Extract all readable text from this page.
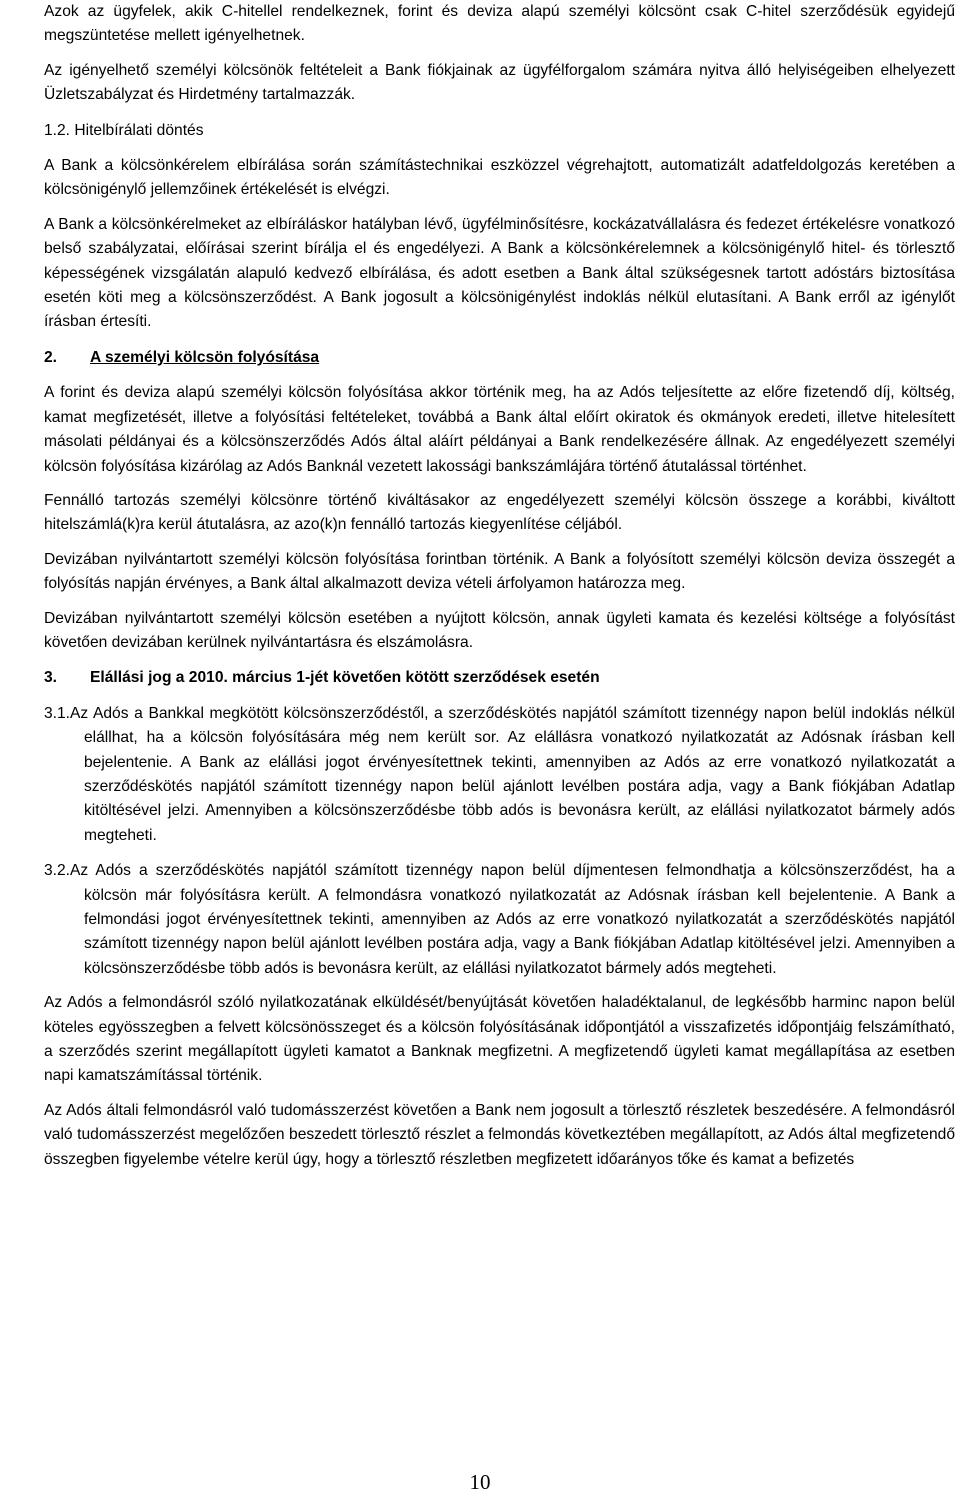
Azok az ügyfelek, akik C-hitellel rendelkeznek, forint és deviza alapú személyi kölcsönt csak C-hitel szerződésük egyidejű megszüntetése mellett igényelhetnek.

Az igényelhető személyi kölcsönök feltételeit a Bank fiókjainak az ügyfélforgalom számára nyitva álló helyiségeiben elhelyezett Üzletszabályzat és Hirdetmény tartalmazzák.

1.2. Hitelbírálati döntés

A Bank a kölcsönkérelem elbírálása során számítástechnikai eszközzel végrehajtott, automatizált adatfeldolgozás keretében a kölcsönigénylő jellemzőinek értékelését is elvégzi.

A Bank a kölcsönkérelmeket az elbíráláskor hatályban lévő, ügyfélminősítésre, kockázatvállalásra és fedezet értékelésre vonatkozó belső szabályzatai, előírásai szerint bírálja el és engedélyezi. A Bank a kölcsönkérelemnek a kölcsönigénylő hitel- és törlesztő képességének vizsgálatán alapuló kedvező elbírálása, és adott esetben a Bank által szükségesnek tartott adóstárs biztosítása esetén köti meg a kölcsönszerződést. A Bank jogosult a kölcsönigénylést indoklás nélkül elutasítani. A Bank erről az igénylőt írásban értesíti.

2.	A személyi kölcsön folyósítása

A forint és deviza alapú személyi kölcsön folyósítása akkor történik meg, ha az Adós teljesítette az előre fizetendő díj, költség, kamat megfizetését, illetve a folyósítási feltételeket, továbbá a Bank által előírt okiratok és okmányok eredeti, illetve hitelesített másolati példányai és a kölcsönszerződés Adós által aláírt példányai a Bank rendelkezésére állnak. Az engedélyezett személyi kölcsön folyósítása kizárólag az Adós Banknál vezetett lakossági bankszámlájára történő átutalással történhet.

Fennálló tartozás személyi kölcsönre történő kiváltásakor az engedélyezett személyi kölcsön összege a korábbi, kiváltott hitelszámlá(k)ra kerül átutalásra, az azo(k)n fennálló tartozás kiegyenlítése céljából.

Devizában nyilvántartott személyi kölcsön folyósítása forintban történik. A Bank a folyósított személyi kölcsön deviza összegét a folyósítás napján érvényes, a Bank által alkalmazott deviza vételi árfolyamon határozza meg.

Devizában nyilvántartott személyi kölcsön esetében a nyújtott kölcsön, annak ügyleti kamata és kezelési költsége a folyósítást követően devizában kerülnek nyilvántartásra és elszámolásra.

3.	Elállási jog a 2010. március 1-jét követően kötött szerződések esetén

3.1.Az Adós a Bankkal megkötött kölcsönszerződéstől, a szerződéskötés napjától számított tizennégy napon belül indoklás nélkül elállhat, ha a kölcsön folyósítására még nem került sor. Az elállásra vonatkozó nyilatkozatát az Adósnak írásban kell bejelentenie. A Bank az elállási jogot érvényesítettnek tekinti, amennyiben az Adós az erre vonatkozó nyilatkozatát a szerződéskötés napjától számított tizennégy napon belül ajánlott levélben postára adja, vagy a Bank fiókjában Adatlap kitöltésével jelzi. Amennyiben a kölcsönszerződésbe több adós is bevonásra került, az elállási nyilatkozatot bármely adós megteheti.

3.2.Az Adós a szerződéskötés napjától számított tizennégy napon belül díjmentesen felmondhatja a kölcsönszerződést, ha a kölcsön már folyósításra került. A felmondásra vonatkozó nyilatkozatát az Adósnak írásban kell bejelentenie. A Bank a felmondási jogot érvényesítettnek tekinti, amennyiben az Adós az erre vonatkozó nyilatkozatát a szerződéskötés napjától számított tizennégy napon belül ajánlott levélben postára adja, vagy a Bank fiókjában Adatlap kitöltésével jelzi. Amennyiben a kölcsönszerződésbe több adós is bevonásra került, az elállási nyilatkozatot bármely adós megteheti.

Az Adós a felmondásról szóló nyilatkozatának elküldését/benyújtását követően haladéktalanul, de legkésőbb harminc napon belül köteles egyösszegben a felvett kölcsönösszeget és a kölcsön folyósításának időpontjától a visszafizetés időpontjáig felszámítható, a szerződés szerint megállapított ügyleti kamatot a Banknak megfizetni. A megfizetendő ügyleti kamat megállapítása az esetben napi kamatszámítással történik.

Az Adós általi felmondásról való tudomásszerzést követően a Bank nem jogosult a törlesztő részletek beszedésére. A felmondásról való tudomásszerzést megelőzően beszedett törlesztő részlet a felmondás következtében megállapított, az Adós által megfizetendő összegben figyelembe vételre kerül úgy, hogy a törlesztő részletben megfizetett időarányos tőke és kamat a befizetés

10
